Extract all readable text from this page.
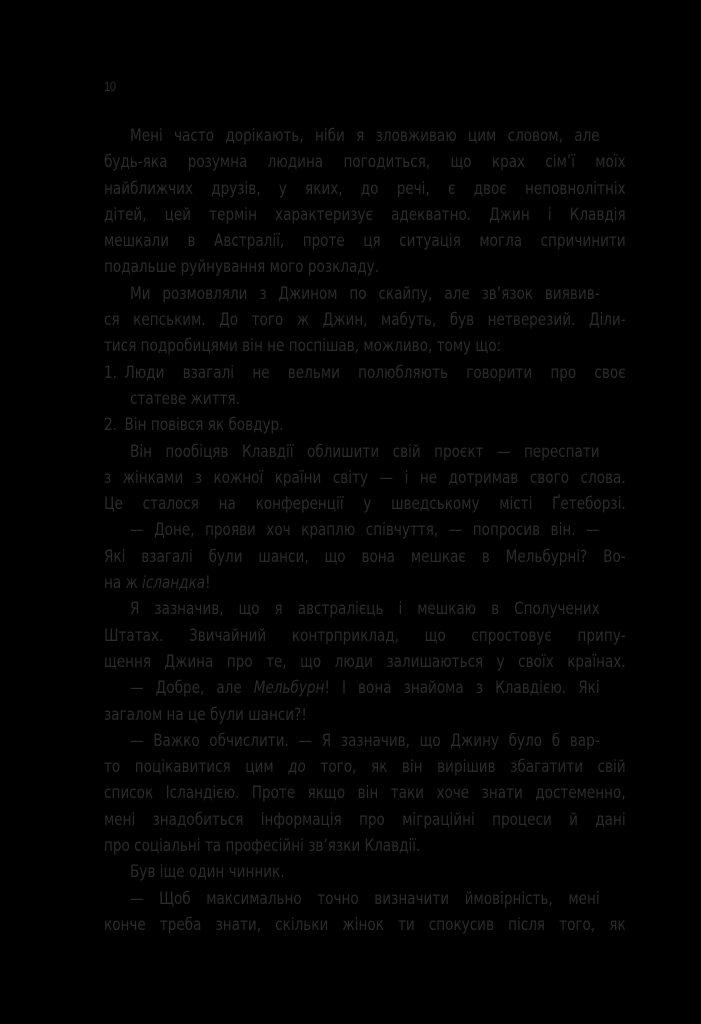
10
Мені часто дорікають, ніби я зловживаю цим словом, але
будь-яка розумна людина погодиться, що крах сім’ї моїх
найближчих друзів, у яких, до речі, є двоє неповнолітніх
дітей, цей термін характеризує адекватно. Джин і Клавдія
мешкали в Австралії, проте ця ситуація могла спричинити
подальше руйнування мого розкладу.
Ми розмовляли з Джином по скайпу, але зв’язок виявив-
ся кепським. До того ж Джин, мабуть, був нетверезий. Діли-
тися подробицями він не поспішав, можливо, тому що:
1. Люди взагалі не вельми полюбляють говорити про своє
статеве життя.
2. Він повівся як бовдур.
Він пообіцяв Клавдії облишити свій проєкт — переспати
з жінками з кожної країни світу — і не дотримав свого слова.
Це сталося на конференції у шведському місті Ґетеборзі.
— Доне, прояви хоч краплю співчуття, — попросив він. —
Які взагалі були шанси, що вона мешкає в Мельбурні? Во-
на ж ісландка!
Я зазначив, що я австралієць і мешкаю в Сполучених
Штатах. Звичайний контрприклад, що спростовує припу-
щення Джина про те, що люди залишаються у своїх країнах.
— Добре, але Мельбурн! І вона знайома з Клавдією. Які
загалом на це були шанси?!
— Важко обчислити. — Я зазначив, що Джину було б вар-
то поцікавитися цим до того, як він вирішив збагатити свій
список Ісландією. Проте якщо він таки хоче знати достеменно,
мені знадобиться інформація про міграційні процеси й дані
про соціальні та професійні зв’язки Клавдії.
Був іще один чинник.
— Щоб максимально точно визначити ймовірність, мені
конче треба знати, скільки жінок ти спокусив після того, як
